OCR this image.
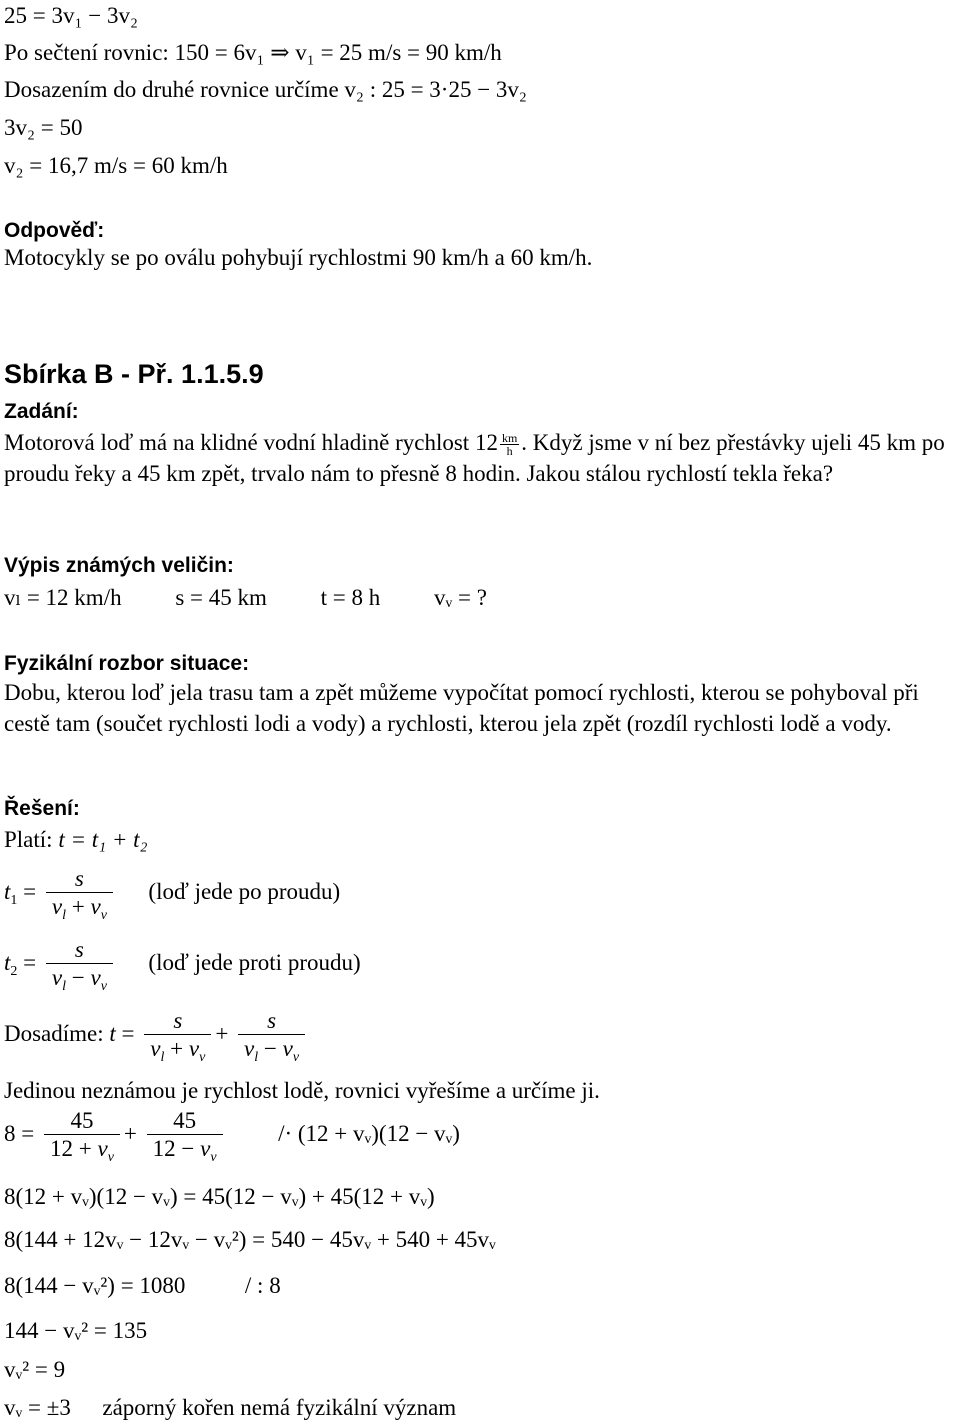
25 = 3v₁ − 3v₂
Po sečtení rovnic: 150 = 6v₁ ⇒ v₁ = 25 m/s = 90 km/h
Dosazením do druhé rovnice určíme v₂ : 25 = 3·25 − 3v₂
3v₂ = 50
v₂ = 16,7 m/s = 60 km/h
Odpověď:
Motocykly se po oválu pohybují rychlostmi 90 km/h a 60 km/h.
Sbírka B - Př. 1.1.5.9
Zadání:
Motorová loď má na klidné vodní hladině rychlost $12 \frac{km}{h}$ . Když jsme v ní bez přestávky ujeli 45 km po proudu řeky a 45 km zpět, trvalo nám to přesně 8 hodin. Jakou stálou rychlostí tekla řeka?
Výpis známých veličin:
vₗ = 12 km/h s = 45 km t = 8 h vᵥ = ?
Fyzikální rozbor situace:
Dobu, kterou loď jela trasu tam a zpět můžeme vypočítat pomocí rychlosti, kterou se pohyboval při cestě tam (součet rychlosti lodi a vody) a rychlosti, kterou jela zpět (rozdíl rychlosti lodě a vody.
Řešení:
Platí: t = t₁ + t₂
$t_1 = \frac{s}{v_l + v_v}$ (loď jede po proudu)
$t_2 = \frac{s}{v_l - v_v}$ (loď jede proti proudu)
Dosadíme: $t = \frac{s}{v_l + v_v} + \frac{s}{v_l - v_v}$
Jedinou neznámou je rychlost lodě, rovnici vyřešíme a určíme ji.
$8 = \frac{45}{12 + v_v} + \frac{45}{12 - v_v} /\cdot (12$ + vᵥ)(12 − vᵥ)
8(12 + vᵥ)(12 − vᵥ) = 45(12 − vᵥ) + 45(12 + vᵥ)
8(144 + 12vᵥ − 12vᵥ − vᵥ²) = 540 − 45vᵥ + 540 + 45vᵥ
8(144 − vᵥ²) = 1080	/ : 8
144 − vᵥ² = 135
vᵥ² = 9
vᵥ = ±3 záporný kořen nemá fyzikální význam
